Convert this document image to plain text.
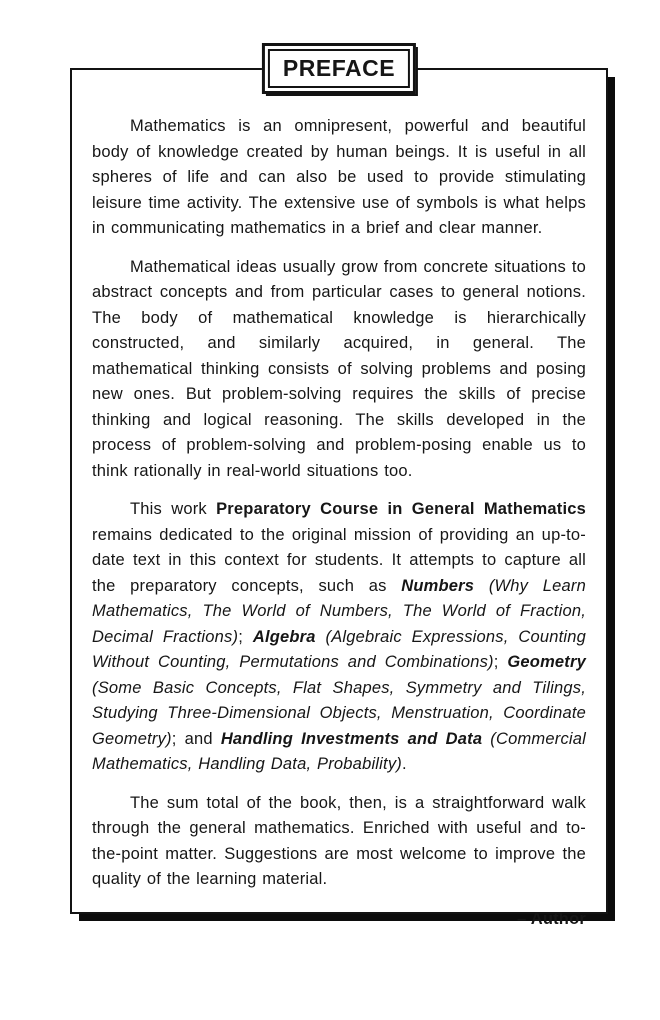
PREFACE

Mathematics is an omnipresent, powerful and beautiful body of knowledge created by human beings. It is useful in all spheres of life and can also be used to provide stimulating leisure time activity. The extensive use of symbols is what helps in communicating mathematics in a brief and clear manner.

Mathematical ideas usually grow from concrete situations to abstract concepts and from particular cases to general notions. The body of mathematical knowledge is hierarchically constructed, and similarly acquired, in general. The mathematical thinking consists of solving problems and posing new ones. But problem-solving requires the skills of precise thinking and logical reasoning. The skills developed in the process of problem-solving and problem-posing enable us to think rationally in real-world situations too.

This work Preparatory Course in General Mathematics remains dedicated to the original mission of providing an up-to-date text in this context for students. It attempts to capture all the preparatory concepts, such as Numbers (Why Learn Mathematics, The World of Numbers, The World of Fraction, Decimal Fractions); Algebra (Algebraic Expressions, Counting Without Counting, Permutations and Combinations); Geometry (Some Basic Concepts, Flat Shapes, Symmetry and Tilings, Studying Three-Dimensional Objects, Menstruation, Coordinate Geometry); and Handling Investments and Data (Commercial Mathematics, Handling Data, Probability).

The sum total of the book, then, is a straightforward walk through the general mathematics. Enriched with useful and to-the-point matter. Suggestions are most welcome to improve the quality of the learning material.

– Author
